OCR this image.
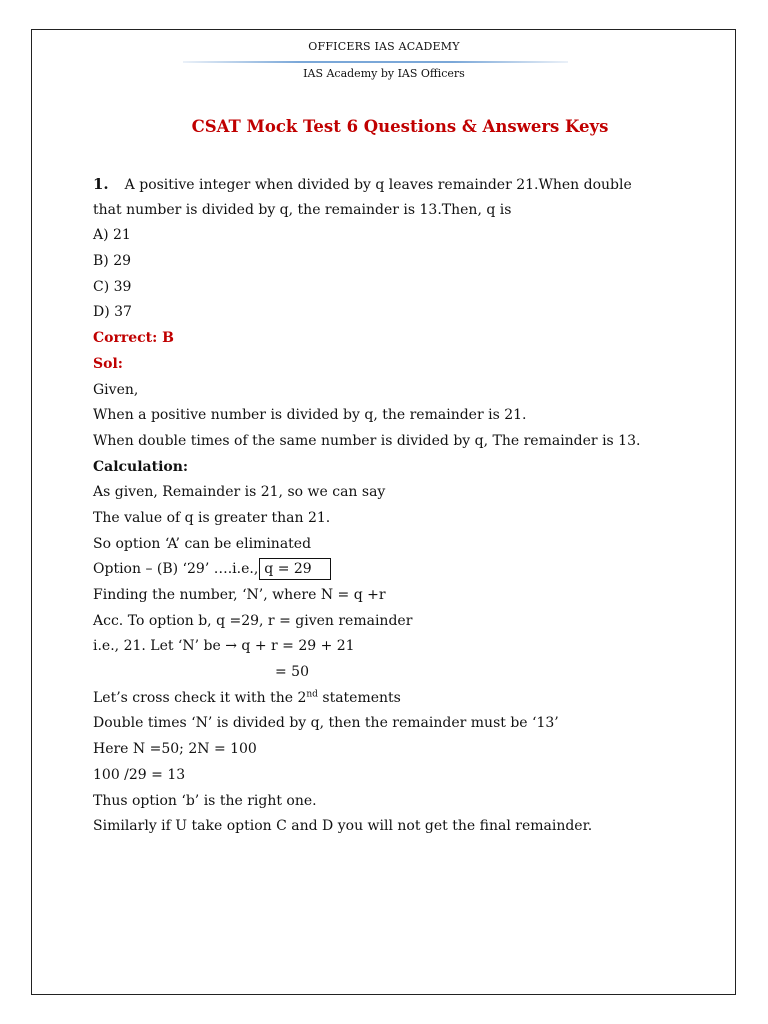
OFFICERS IAS ACADEMY
IAS Academy by IAS Officers
CSAT Mock Test 6 Questions & Answers Keys
1. A positive integer when divided by q leaves remainder 21.When double
that number is divided by q, the remainder is 13.Then, q is
A) 21
B) 29
C) 39
D) 37
Correct: B
Sol:
Given,
When a positive number is divided by q, the remainder is 21.
When double times of the same number is divided by q, The remainder is 13.
Calculation:
As given, Remainder is 21, so we can say
The value of q is greater than 21.
So option ‘A’ can be eliminated
Option – (B) ‘29’ ….i.e., q = 29
Finding the number, ‘N’, where N = q +r
Acc. To option b, q =29, r = given remainder
i.e., 21. Let ‘N’ be → q + r = 29 + 21
= 50
Let’s cross check it with the 2nd statements
Double times ‘N’ is divided by q, then the remainder must be ‘13’
Here N =50; 2N = 100
100 /29 = 13
Thus option ‘b’ is the right one.
Similarly if U take option C and D you will not get the final remainder.
